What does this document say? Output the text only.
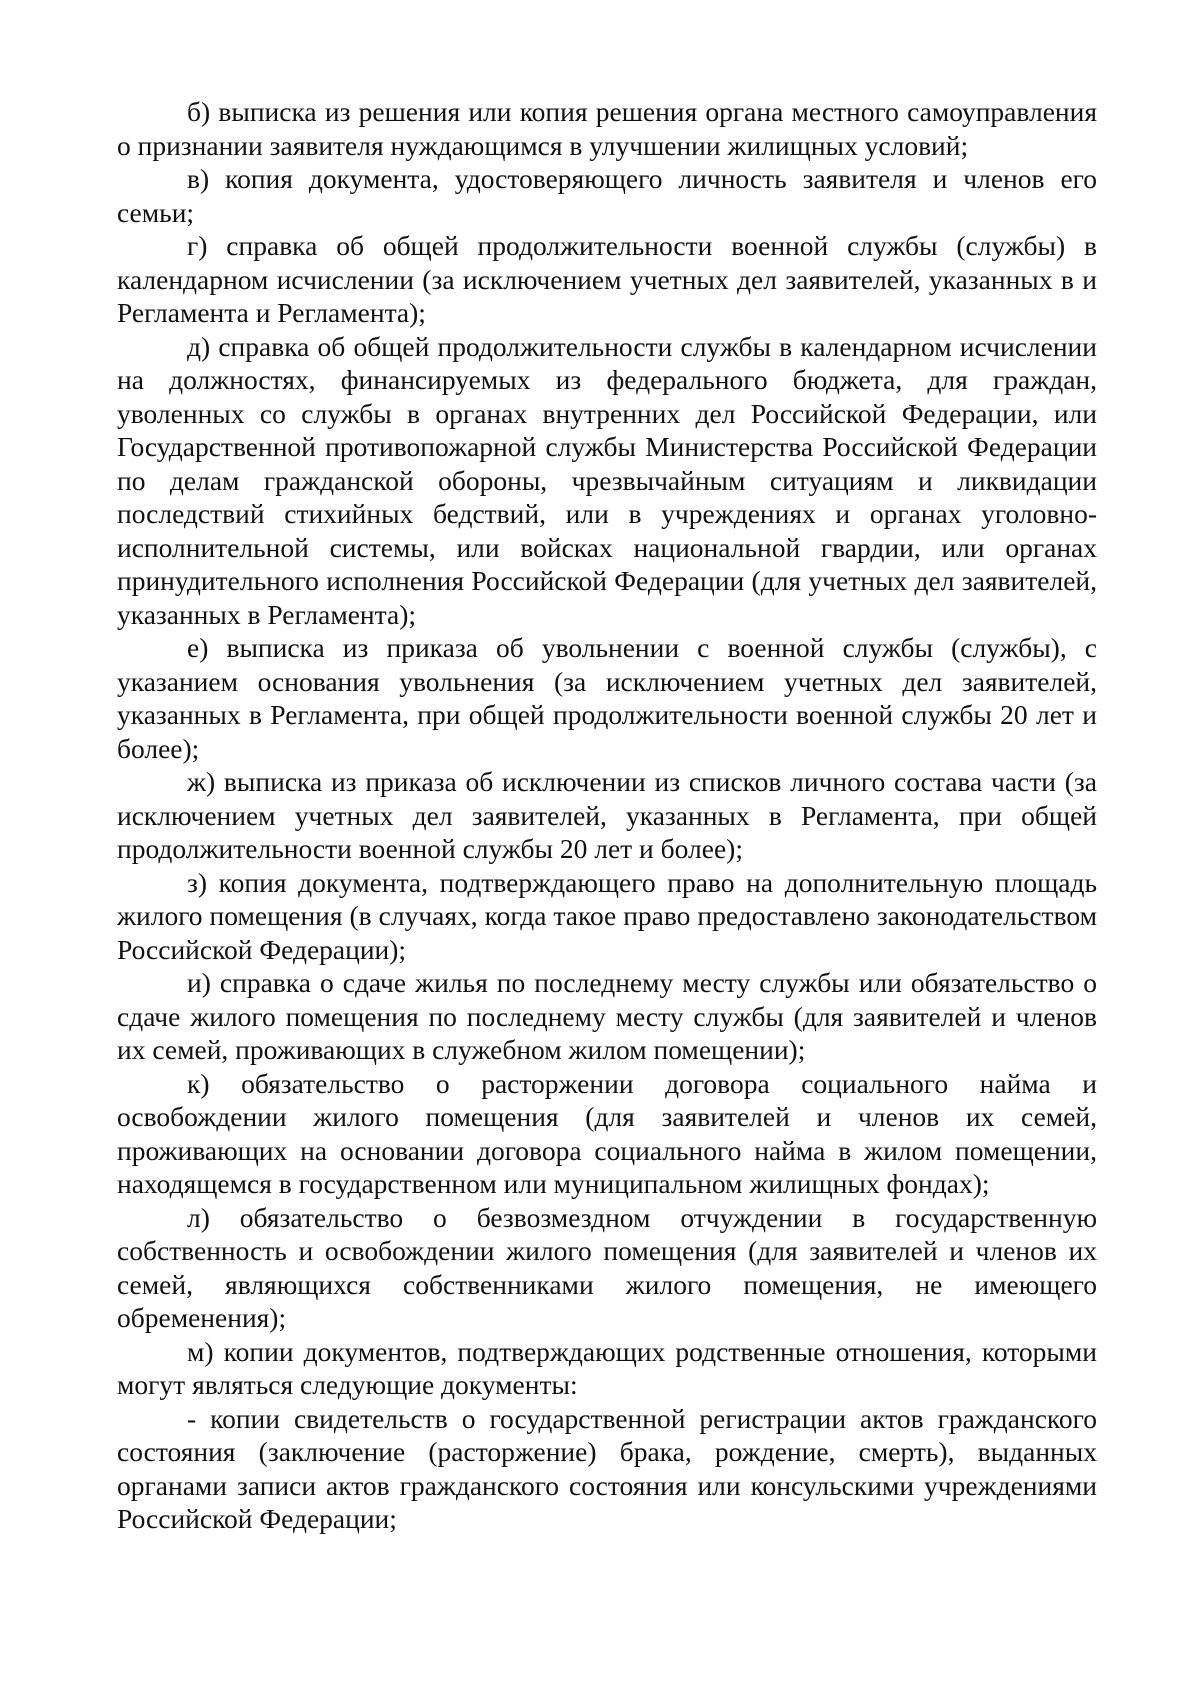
б) выписка из решения или копия решения органа местного самоуправления о признании заявителя нуждающимся в улучшении жилищных условий;

в) копия документа, удостоверяющего личность заявителя и членов его семьи;

г) справка об общей продолжительности военной службы (службы) в календарном исчислении (за исключением учетных дел заявителей, указанных в и Регламента и Регламента);

д) справка об общей продолжительности службы в календарном исчислении на должностях, финансируемых из федерального бюджета, для граждан, уволенных со службы в органах внутренних дел Российской Федерации, или Государственной противопожарной службы Министерства Российской Федерации по делам гражданской обороны, чрезвычайным ситуациям и ликвидации последствий стихийных бедствий, или в учреждениях и органах уголовно-исполнительной системы, или войсках национальной гвардии, или органах принудительного исполнения Российской Федерации (для учетных дел заявителей, указанных в Регламента);

е) выписка из приказа об увольнении с военной службы (службы), с указанием основания увольнения (за исключением учетных дел заявителей, указанных в Регламента, при общей продолжительности военной службы 20 лет и более);

ж) выписка из приказа об исключении из списков личного состава части (за исключением учетных дел заявителей, указанных в Регламента, при общей продолжительности военной службы 20 лет и более);

з) копия документа, подтверждающего право на дополнительную площадь жилого помещения (в случаях, когда такое право предоставлено законодательством Российской Федерации);

и) справка о сдаче жилья по последнему месту службы или обязательство о сдаче жилого помещения по последнему месту службы (для заявителей и членов их семей, проживающих в служебном жилом помещении);

к) обязательство о расторжении договора социального найма и освобождении жилого помещения (для заявителей и членов их семей, проживающих на основании договора социального найма в жилом помещении, находящемся в государственном или муниципальном жилищных фондах);

л) обязательство о безвозмездном отчуждении в государственную собственность и освобождении жилого помещения (для заявителей и членов их семей, являющихся собственниками жилого помещения, не имеющего обременения);

м) копии документов, подтверждающих родственные отношения, которыми могут являться следующие документы:

- копии свидетельств о государственной регистрации актов гражданского состояния (заключение (расторжение) брака, рождение, смерть), выданных органами записи актов гражданского состояния или консульскими учреждениями Российской Федерации;
